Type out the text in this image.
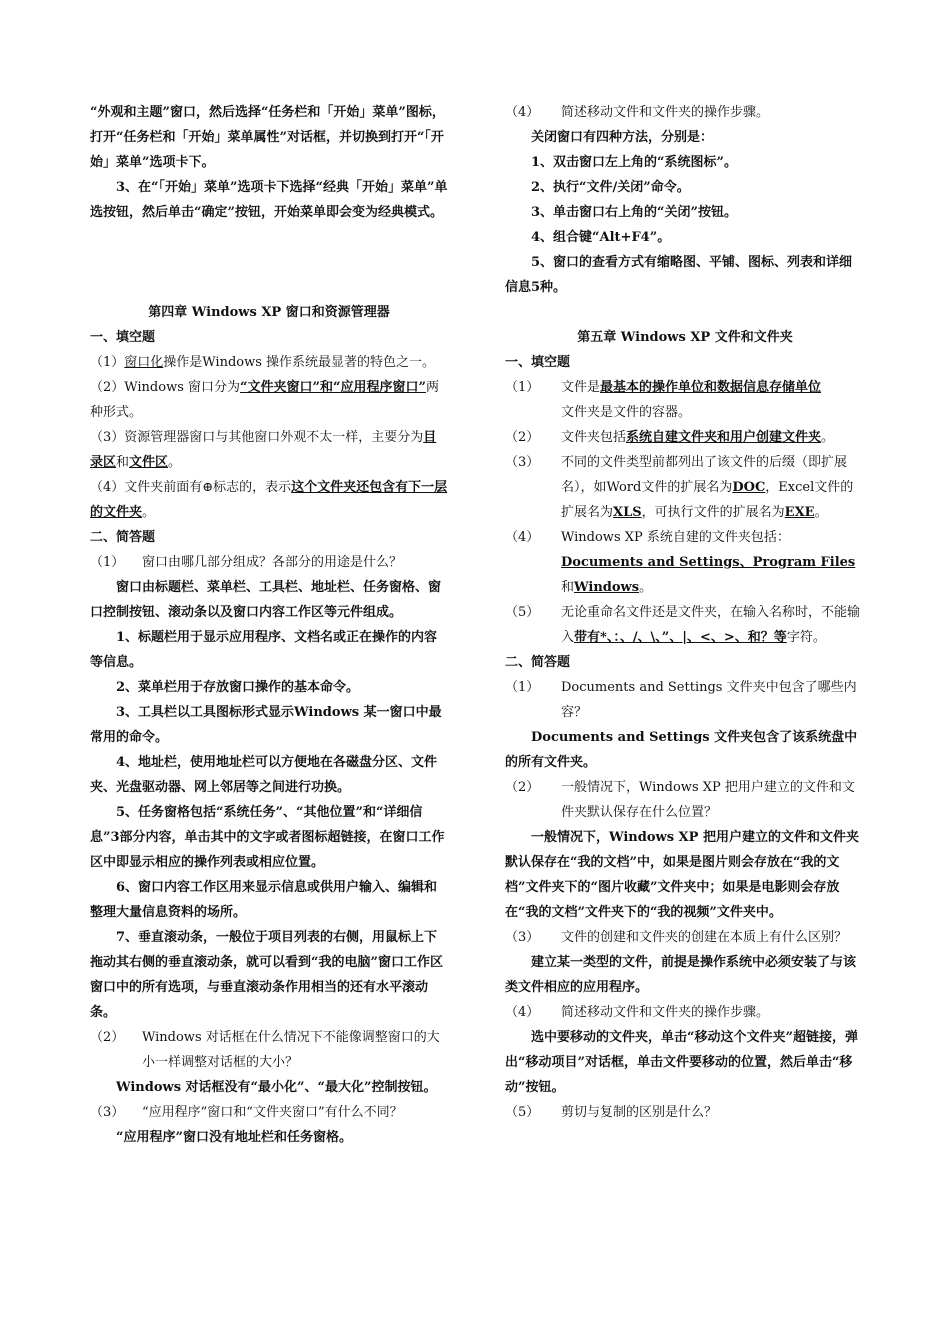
“外观和主题”窗口，然后选择“任务栏和「开始」菜单”图标，打开“任务栏和「开始」菜单属性”对话框，并切换到打开“「开始」菜单”选项卡下。

3、在“「开始」菜单”选项卡下选择“经典「开始」菜单”单选按钮，然后单击“确定”按钮，开始菜单即会变为经典模式。

第四章 Windows XP 窗口和资源管理器

一、填空题

（1）窗口化操作是Windows 操作系统最显著的特色之一。

（2）Windows 窗口分为“文件夹窗口”和“应用程序窗口”两种形式。

（3）资源管理器窗口与其他窗口外观不太一样，主要分为目录区和文件区。

（4）文件夹前面有⊕标志的，表示这个文件夹还包含有下一层的文件夹。

二、简答题

（1）	窗口由哪几部分组成？各部分的用途是什么？

窗口由标题栏、菜单栏、工具栏、地址栏、任务窗格、窗口控制按钮、滚动条以及窗口内容工作区等元件组成。

1、标题栏用于显示应用程序、文档名或正在操作的内容等信息。

2、菜单栏用于存放窗口操作的基本命令。

3、工具栏以工具图标形式显示Windows 某一窗口中最常用的命令。

4、地址栏，使用地址栏可以方便地在各磁盘分区、文件夹、光盘驱动器、网上邻居等之间进行功换。

5、任务窗格包括“系统任务”、“其他位置”和“详细信息”3部分内容，单击其中的文字或者图标超链接，在窗口工作区中即显示相应的操作列表或相应位置。

6、窗口内容工作区用来显示信息或供用户输入、编辑和整理大量信息资料的场所。

7、垂直滚动条，一般位于项目列表的右侧，用鼠标上下拖动其右侧的垂直滚动条，就可以看到“我的电脑”窗口工作区窗口中的所有选项，与垂直滚动条作用相当的还有水平滚动条。

（2）	Windows 对话框在什么情况下不能像调整窗口的大小一样调整对话框的大小？

Windows 对话框没有“最小化”、“最大化”控制按钮。

（3）	“应用程序”窗口和“文件夹窗口”有什么不同？

“应用程序”窗口没有地址栏和任务窗格。

（4）	简述移动文件和文件夹的操作步骤。

关闭窗口有四种方法，分别是：

1、双击窗口左上角的“系统图标”。

2、执行“文件/关闭”命令。

3、单击窗口右上角的“关闭”按钮。

4、组合键“Alt+F4”。

5、窗口的查看方式有缩略图、平铺、图标、列表和详细信息5种。

第五章 Windows XP 文件和文件夹

一、填空题

（1）	文件是最基本的操作单位和数据信息存储单位
文件夹是文件的容器。

（2）	文件夹包括系统自建文件夹和用户创建文件夹。

（3）	不同的文件类型前都列出了该文件的后缀（即扩展名），如Word文件的扩展名为DOC，Excel文件的扩展名为XLS，可执行文件的扩展名为EXE。

（4）	Windows XP 系统自建的文件夹包括：Documents and Settings、Program Files和Windows。

（5）	无论重命名文件还是文件夹，在输入名称时，不能输入带有*、：、/、\、”、|、<、>、和？等字符。

二、简答题

（1）	Documents and Settings 文件夹中包含了哪些内容？

Documents and Settings 文件夹包含了该系统盘中的所有文件夹。

（2）	一般情况下，Windows XP 把用户建立的文件和文件夹默认保存在什么位置？

一般情况下，Windows XP 把用户建立的文件和文件夹默认保存在“我的文档”中，如果是图片则会存放在“我的文档”文件夹下的“图片收藏”文件夹中；如果是电影则会存放在“我的文档”文件夹下的“我的视频”文件夹中。

（3）	文件的创建和文件夹的创建在本质上有什么区别？

建立某一类型的文件，前提是操作系统中必须安装了与该类文件相应的应用程序。

（4）	简述移动文件和文件夹的操作步骤。

选中要移动的文件夹，单击“移动这个文件夹”超链接，弹出“移动项目”对话框，单击文件要移动的位置，然后单击“移动”按钮。

（5）	剪切与复制的区别是什么？
